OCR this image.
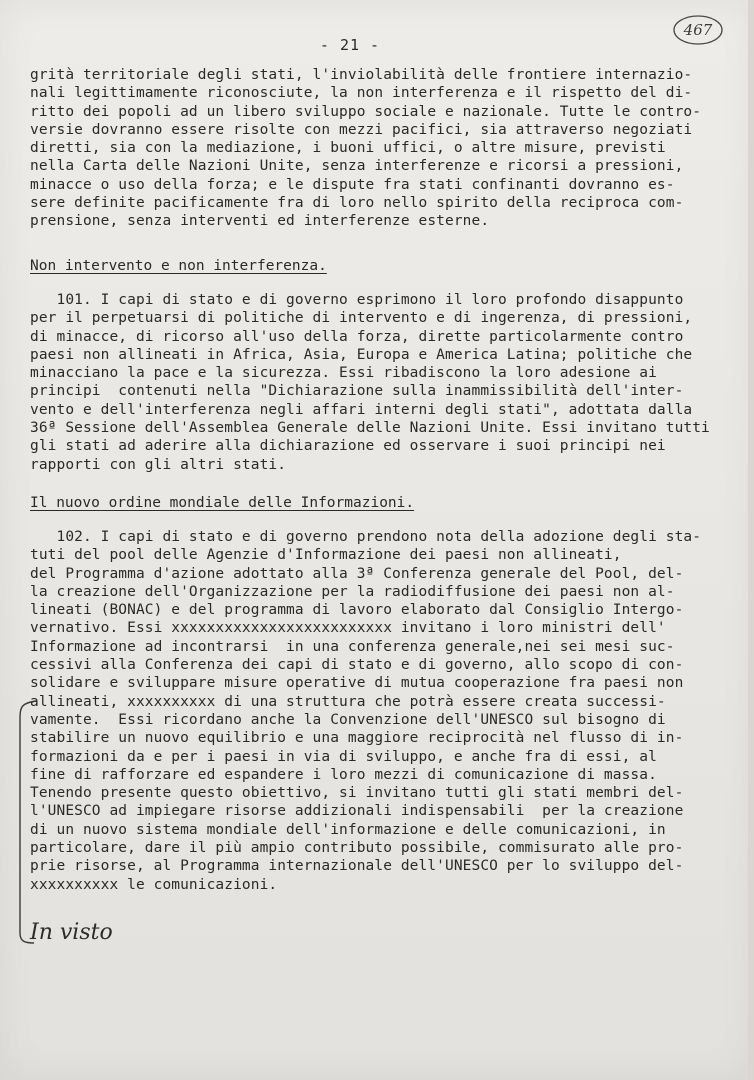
- 21 -
467
grità territoriale degli stati, l'inviolabilità delle frontiere internazio-
nali legittimamente riconosciute, la non interferenza e il rispetto del di-
ritto dei popoli ad un libero sviluppo sociale e nazionale. Tutte le contro-
versie dovranno essere risolte con mezzi pacifici, sia attraverso negoziati
diretti, sia con la mediazione, i buoni uffici, o altre misure, previsti
nella Carta delle Nazioni Unite, senza interferenze e ricorsi a pressioni,
minacce o uso della forza; e le dispute fra stati confinanti dovranno es-
sere definite pacificamente fra di loro nello spirito della reciproca com-
prensione, senza interventi ed interferenze esterne.
Non intervento e non interferenza.
101. I capi di stato e di governo esprimono il loro profondo disappunto
per il perpetuarsi di politiche di intervento e di ingerenza, di pressioni,
di minacce, di ricorso all'uso della forza, dirette particolarmente contro
paesi non allineati in Africa, Asia, Europa e America Latina; politiche che
minacciano la pace e la sicurezza. Essi ribadiscono la loro adesione ai
principi  contenuti nella "Dichiarazione sulla inammissibilità dell'inter-
vento e dell'interferenza negli affari interni degli stati", adottata dalla
36ª Sessione dell'Assemblea Generale delle Nazioni Unite. Essi invitano tutti
gli stati ad aderire alla dichiarazione ed osservare i suoi principi nei
rapporti con gli altri stati.
Il nuovo ordine mondiale delle Informazioni.
102. I capi di stato e di governo prendono nota della adozione degli sta-
tuti del pool delle Agenzie d'Informazione dei paesi non allineati,
del Programma d'azione adottato alla 3ª Conferenza generale del Pool, del-
la creazione dell'Organizzazione per la radiodiffusione dei paesi non al-
lineati (BONAC) e del programma di lavoro elaborato dal Consiglio Intergo-
vernativo. Essi xxxxxxxxxxxxxxxxxxxxxxxxx invitano i loro ministri dell'
Informazione ad incontrarsi  in una conferenza generale,nei sei mesi suc-
cessivi alla Conferenza dei capi di stato e di governo, allo scopo di con-
solidare e sviluppare misure operative di mutua cooperazione fra paesi non
allineati, xxxxxxxxxx di una struttura che potrà essere creata successi-
vamente.  Essi ricordano anche la Convenzione dell'UNESCO sul bisogno di
stabilire un nuovo equilibrio e una maggiore reciprocità nel flusso di in-
formazioni da e per i paesi in via di sviluppo, e anche fra di essi, al
fine di rafforzare ed espandere i loro mezzi di comunicazione di massa.
Tenendo presente questo obiettivo, si invitano tutti gli stati membri del-
l'UNESCO ad impiegare risorse addizionali indispensabili  per la creazione
di un nuovo sistema mondiale dell'informazione e delle comunicazioni, in
particolare, dare il più ampio contributo possibile, commisurato alle pro-
prie risorse, al Programma internazionale dell'UNESCO per lo sviluppo del-
xxxxxxxxxx le comunicazioni.
In visto
